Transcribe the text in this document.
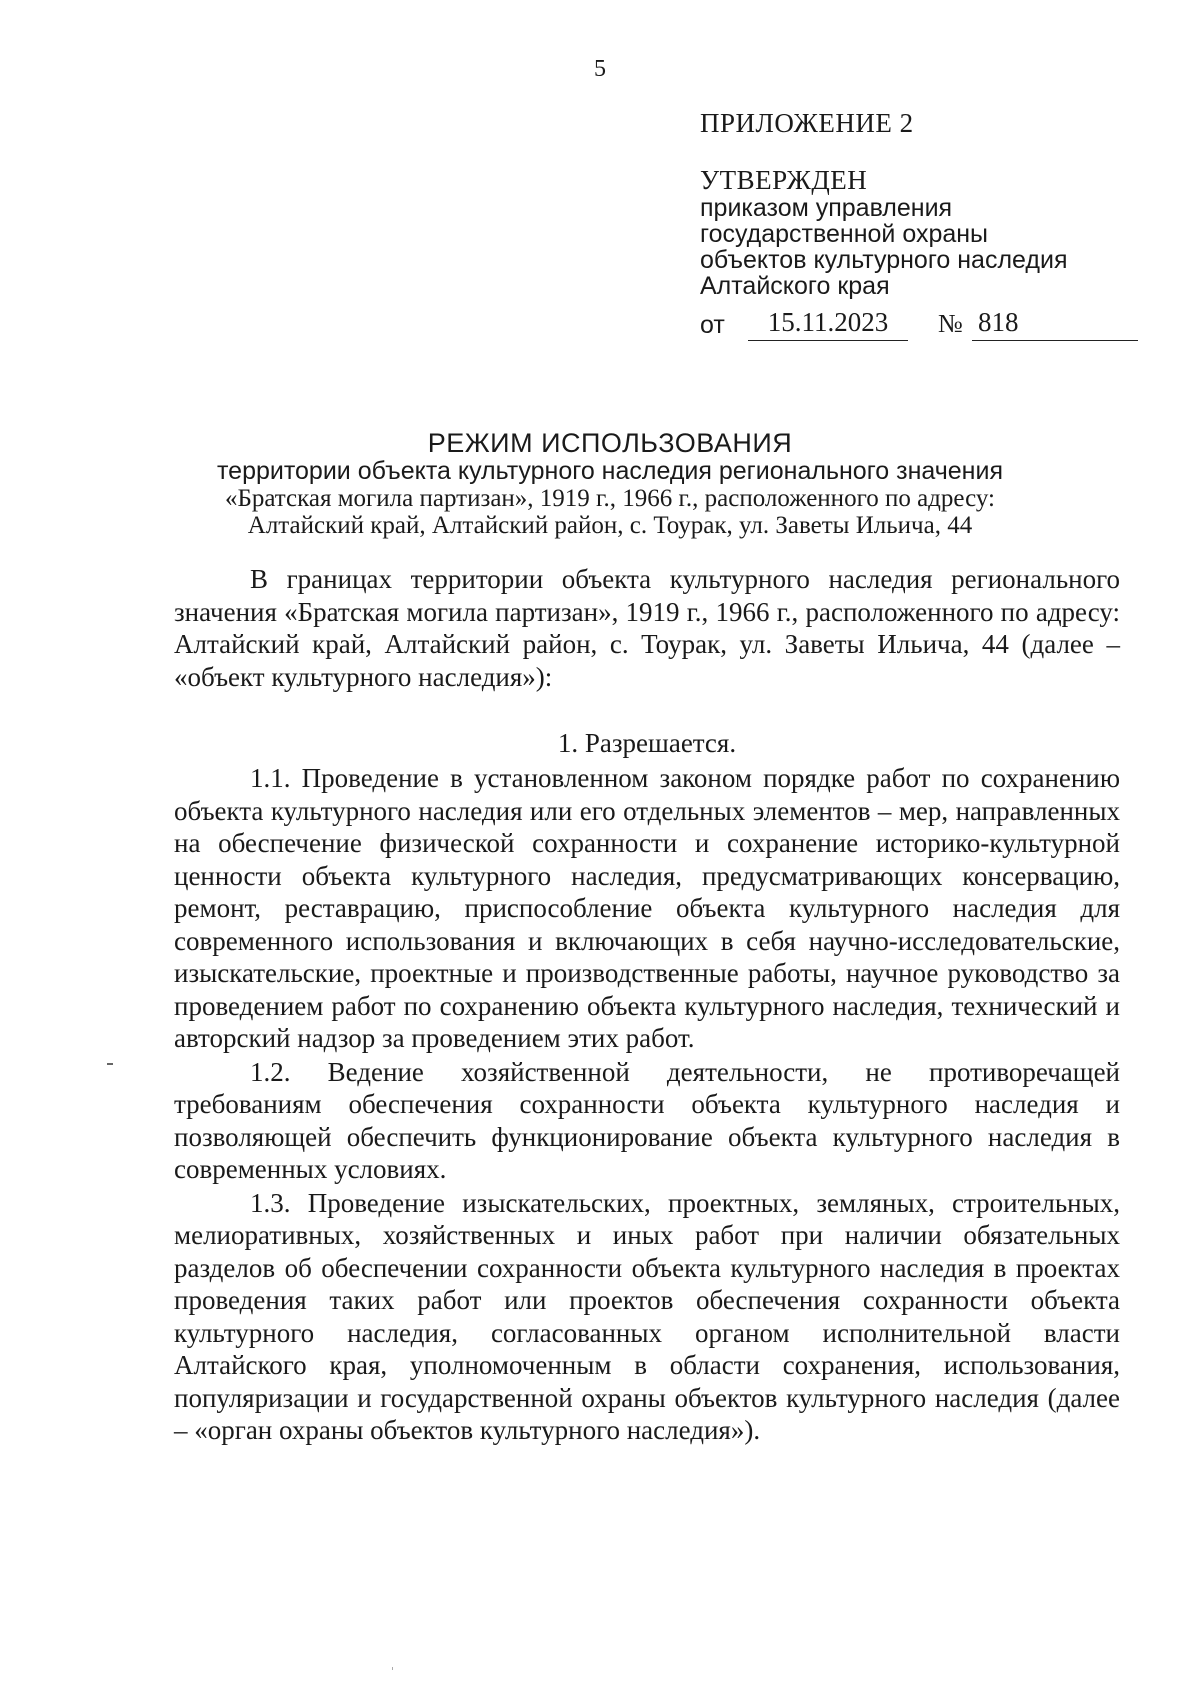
5
ПРИЛОЖЕНИЕ 2
УТВЕРЖДЕН
приказом управления
государственной охраны
объектов культурного наследия
Алтайского края
от	15.11.2023	№ 818
РЕЖИМ ИСПОЛЬЗОВАНИЯ
территории объекта культурного наследия регионального значения
«Братская могила партизан», 1919 г., 1966 г., расположенного по адресу:
Алтайский край, Алтайский район, с. Тоурак, ул. Заветы Ильича, 44

В границах территории объекта культурного наследия регионального значения «Братская могила партизан», 1919 г., 1966 г., расположенного по адресу: Алтайский край, Алтайский район, с. Тоурак, ул. Заветы Ильича, 44 (далее – «объект культурного наследия»):

1. Разрешается.

1.1. Проведение в установленном законом порядке работ по сохранению объекта культурного наследия или его отдельных элементов – мер, направленных на обеспечение физической сохранности и сохранение историко-культурной ценности объекта культурного наследия, предусматривающих консервацию, ремонт, реставрацию, приспособление объекта культурного наследия для современного использования и включающих в себя научно-исследовательские, изыскательские, проектные и производственные работы, научное руководство за проведением работ по сохранению объекта культурного наследия, технический и авторский надзор за проведением этих работ.

1.2. Ведение хозяйственной деятельности, не противоречащей требованиям обеспечения сохранности объекта культурного наследия и позволяющей обеспечить функционирование объекта культурного наследия в современных условиях.

1.3. Проведение изыскательских, проектных, земляных, строительных, мелиоративных, хозяйственных и иных работ при наличии обязательных разделов об обеспечении сохранности объекта культурного наследия в проектах проведения таких работ или проектов обеспечения сохранности объекта культурного наследия, согласованных органом исполнительной власти Алтайского края, уполномоченным в области сохранения, использования, популяризации и государственной охраны объектов культурного наследия (далее – «орган охраны объектов культурного наследия»).
